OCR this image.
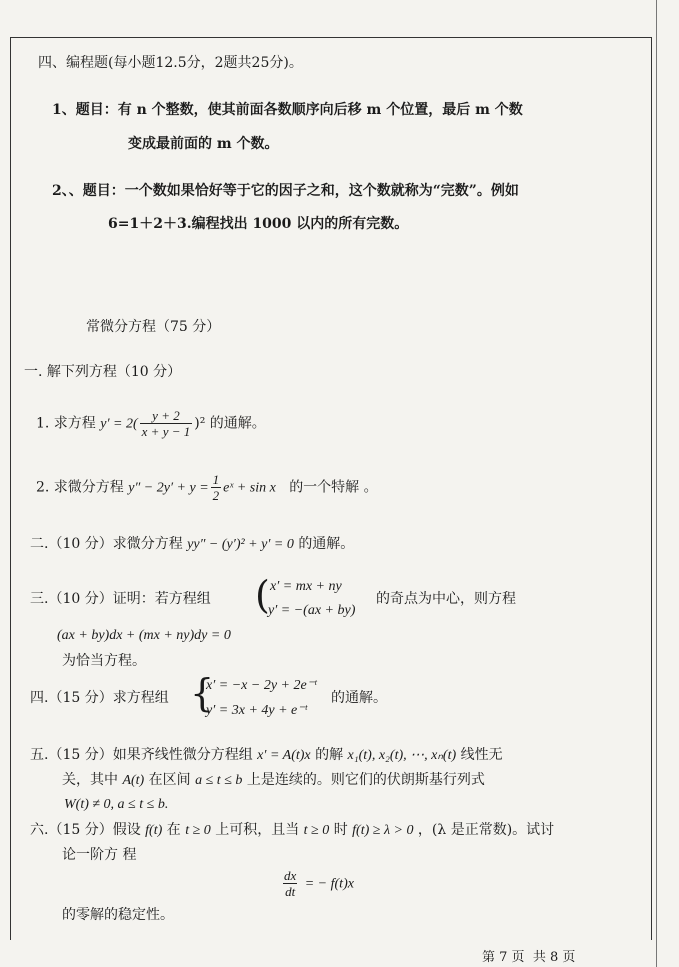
四、编程题(每小题12.5分，2题共25分)。
1、题目：有 n 个整数，使其前面各数顺序向后移 m 个位置，最后 m 个数
变成最前面的 m 个数。
2、、题目：一个数如果恰好等于它的因子之和，这个数就称为“完数”。例如
6=1＋2＋3.编程找出 1000 以内的所有完数。
常微分方程（75 分）
一. 解下列方程（10 分）
1. 求方程 $y' = 2( \frac{y + 2}{x + y - 1} )^2$ 的通解。
2. 求微分方程 $y'' - 2y' + y = \frac{1}{2}$ eˣ + sin x 的一个特解 。
二.（10 分）求微分方程 yy″ − (y′)² + y′ = 0 的通解。
三.（10 分）证明：若方程组 ( x′ = mx + ny
y′ = −(ax + by)
的奇点为中心，则方程
(ax + by)dx + (mx + ny)dy = 0
为恰当方程。
四.（15 分）求方程组 {
x′ = −x − 2y + 2e⁻ᵗ
y′ = 3x + 4y + e⁻ᵗ
的通解。
五.（15 分）如果齐线性微分方程组 x′ = A(t)x 的解 x₁(t), x₂(t), ⋯, xₙ(t) 线性无
关，其中 A(t) 在区间 a ≤ t ≤ b 上是连续的。则它们的伏朗斯基行列式
W(t) ≠ 0, a ≤ t ≤ b.
六.（15 分）假设 f(t) 在 t ≥ 0 上可积，且当 t ≥ 0 时 f(t) ≥ λ > 0 ，(λ 是正常数)。试讨
论一阶方 程
$\frac{dx}{dt}$ = − f(t)x
的零解的稳定性。
第 7 页 共 8 页
